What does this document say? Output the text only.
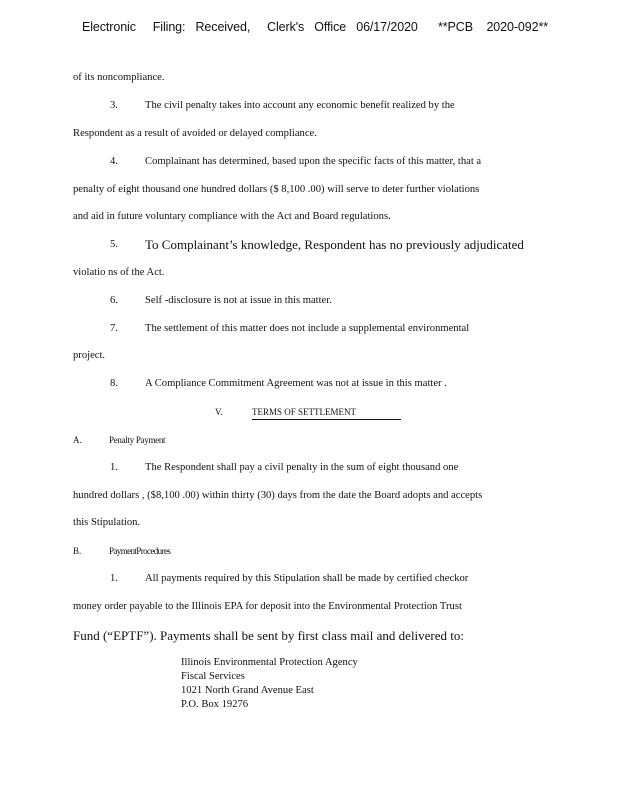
Electronic     Filing:   Received,     Clerk's   Office   06/17/2020      **PCB    2020-092**
of its noncompliance.
3.	The civil penalty takes into account any economic benefit realized by the
Respondent as a result of avoided or delayed compliance.
4.	Complainant has determined, based upon the specific facts of this matter, that a
penalty of eight thousand one hundred dollars ($ 8,100 .00) will serve to deter further violations
and aid in future voluntary compliance with the Act and Board regulations.
5. To Complainant’s knowledge, Respondent has no previously adjudicated
violatio ns of the Act.
6.	Self -disclosure is not at issue in this matter.
7.	The settlement of this matter does not include a supplemental environmental
project.
8.	A Compliance Commitment Agreement was not at issue in this matter .
V.	TERMS OF SETTLEMENT
A.	Penalty Payment
1.	The Respondent shall pay a civil penalty in the sum of eight thousand one
hundred dollars , ($8,100 .00) within thirty (30) days from the date the Board adopts and accepts
this Stipulation.
B.	PaymentProcedures
1.	All payments required by this Stipulation shall be made by certified checkor
money order payable to the Illinois EPA for deposit into the Environmental Protection Trust
Fund (“EPTF”). Payments shall be sent by first class mail and delivered to:
Illinois Environmental Protection Agency
Fiscal Services
1021 North Grand Avenue East
P.O. Box 19276
